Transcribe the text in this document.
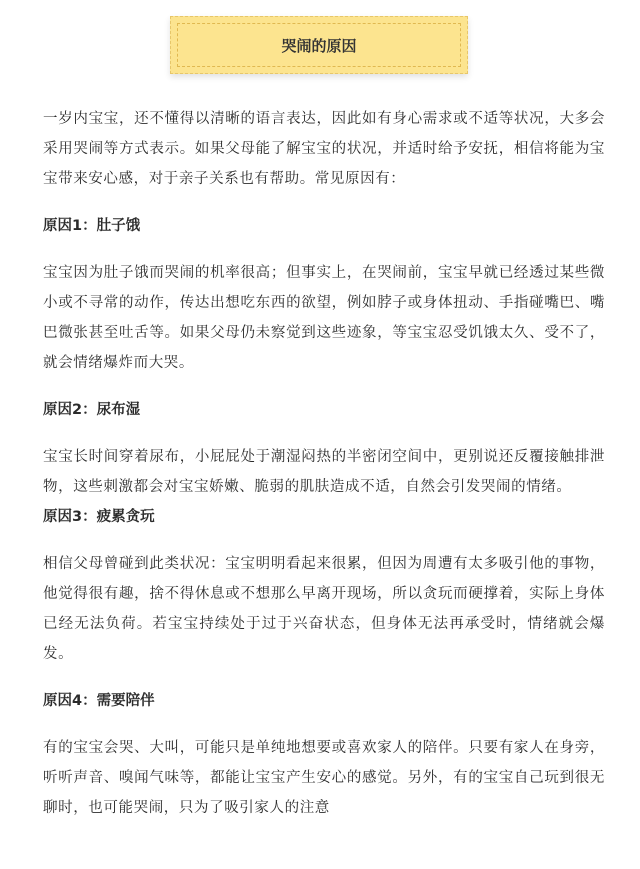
哭闹的原因

一岁内宝宝，还不懂得以清晰的语言表达，因此如有身心需求或不适等状况，大多会采用哭闹等方式表示。如果父母能了解宝宝的状况，并适时给予安抚，相信将能为宝宝带来安心感，对于亲子关系也有帮助。常见原因有：

原因1：肚子饿

宝宝因为肚子饿而哭闹的机率很高；但事实上，在哭闹前，宝宝早就已经透过某些微小或不寻常的动作，传达出想吃东西的欲望，例如脖子或身体扭动、手指碰嘴巴、嘴巴微张甚至吐舌等。如果父母仍未察觉到这些迹象，等宝宝忍受饥饿太久、受不了，就会情绪爆炸而大哭。

原因2：尿布湿

宝宝长时间穿着尿布，小屁屁处于潮湿闷热的半密闭空间中，更别说还反覆接触排泄物，这些刺激都会对宝宝娇嫩、脆弱的肌肤造成不适，自然会引发哭闹的情绪。

原因3：疲累贪玩

相信父母曾碰到此类状况：宝宝明明看起来很累，但因为周遭有太多吸引他的事物，他觉得很有趣，捨不得休息或不想那么早离开现场，所以贪玩而硬撑着，实际上身体已经无法负荷。若宝宝持续处于过于兴奋状态，但身体无法再承受时，情绪就会爆发。

原因4：需要陪伴

有的宝宝会哭、大叫，可能只是单纯地想要或喜欢家人的陪伴。只要有家人在身旁，听听声音、嗅闻气味等，都能让宝宝产生安心的感觉。另外，有的宝宝自己玩到很无聊时，也可能哭闹，只为了吸引家人的注意
